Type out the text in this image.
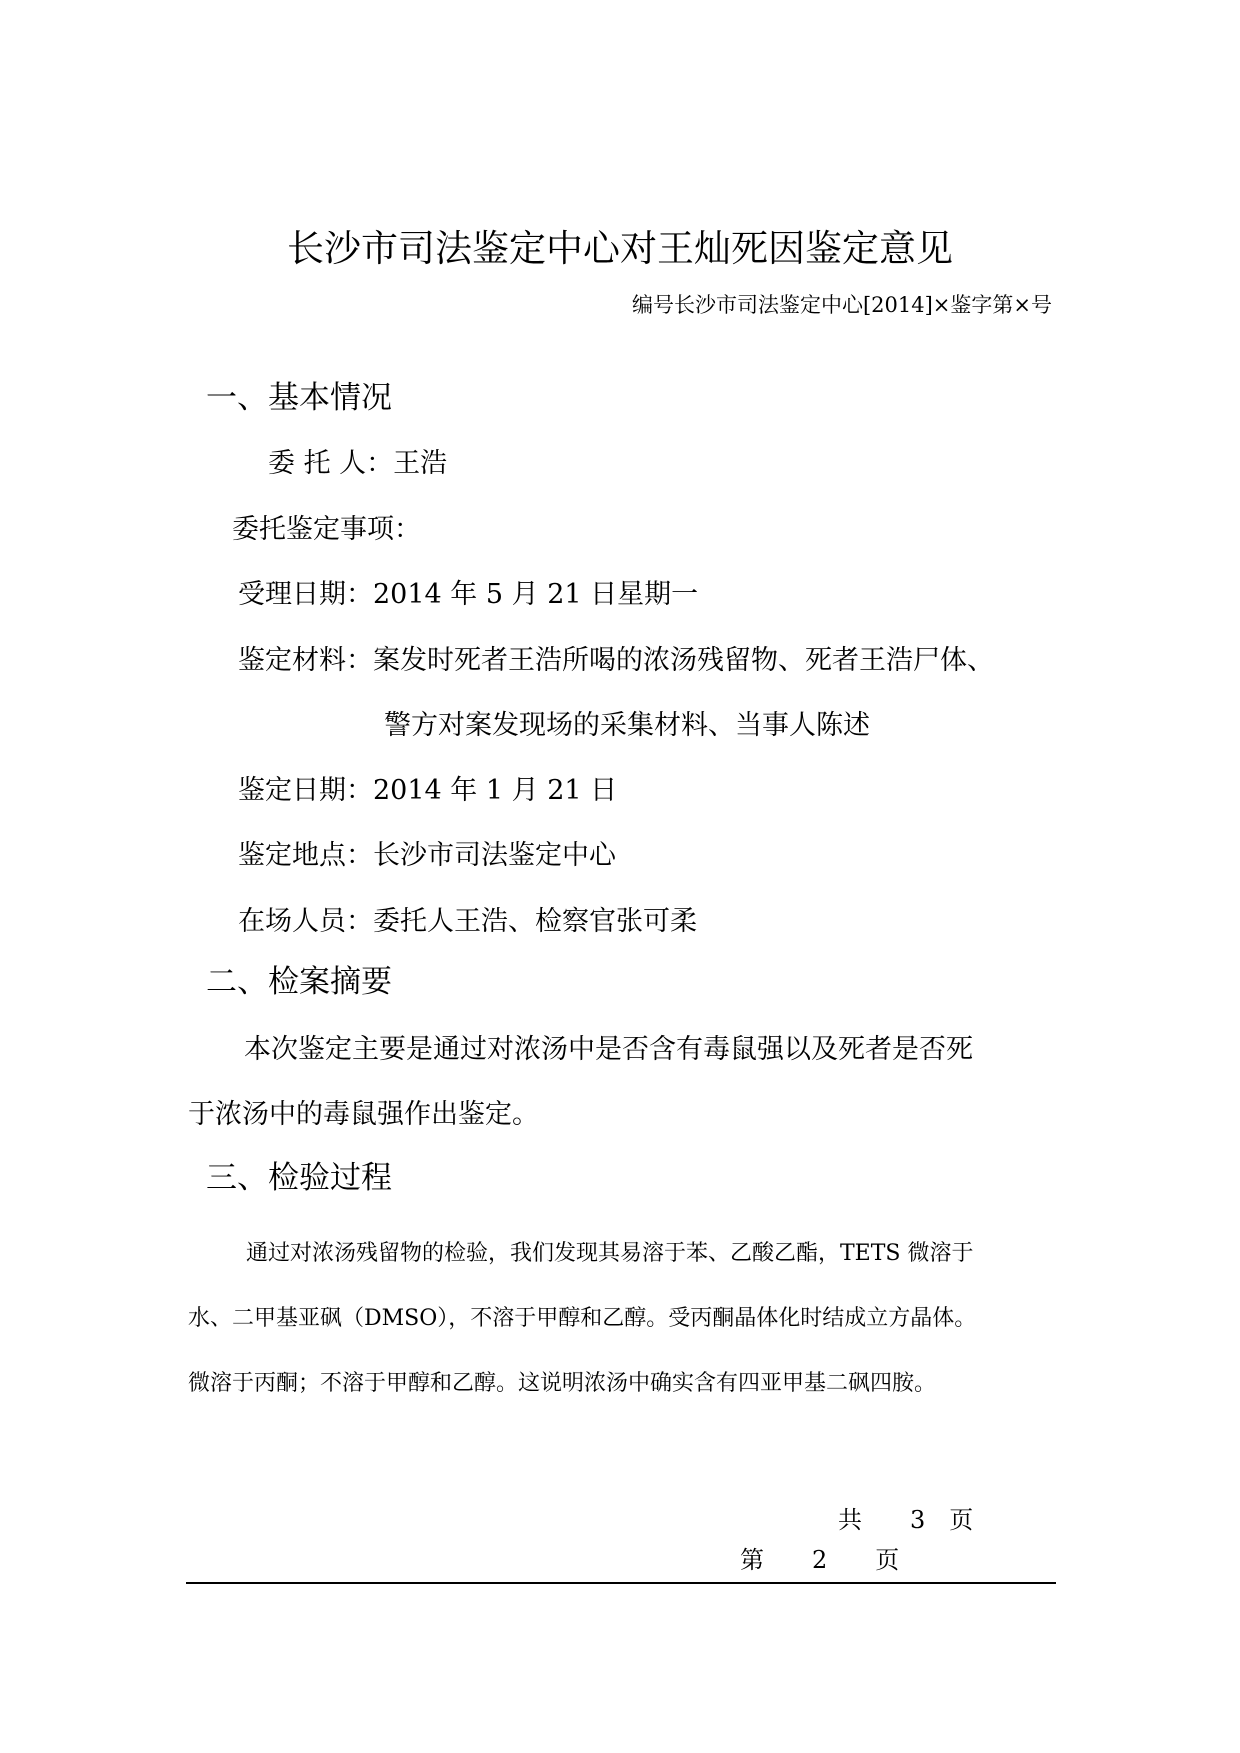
长沙市司法鉴定中心对王灿死因鉴定意见
编号长沙市司法鉴定中心[2014]×鉴字第×号
一、基本情况
委 托 人：王浩
委托鉴定事项：
受理日期：2014 年 5 月 21 日星期一
鉴定材料：案发时死者王浩所喝的浓汤残留物、死者王浩尸体、
警方对案发现场的采集材料、当事人陈述
鉴定日期：2014 年 1 月 21 日
鉴定地点：长沙市司法鉴定中心
在场人员：委托人王浩、检察官张可柔
二、检案摘要
本次鉴定主要是通过对浓汤中是否含有毒鼠强以及死者是否死
于浓汤中的毒鼠强作出鉴定。
三、检验过程
通过对浓汤残留物的检验，我们发现其易溶于苯、乙酸乙酯，TETS 微溶于
水、二甲基亚砜（DMSO），不溶于甲醇和乙醇。受丙酮晶体化时结成立方晶体。
微溶于丙酮；不溶于甲醇和乙醇。这说明浓汤中确实含有四亚甲基二砜四胺。
共　　3　页
第　　2　　页
